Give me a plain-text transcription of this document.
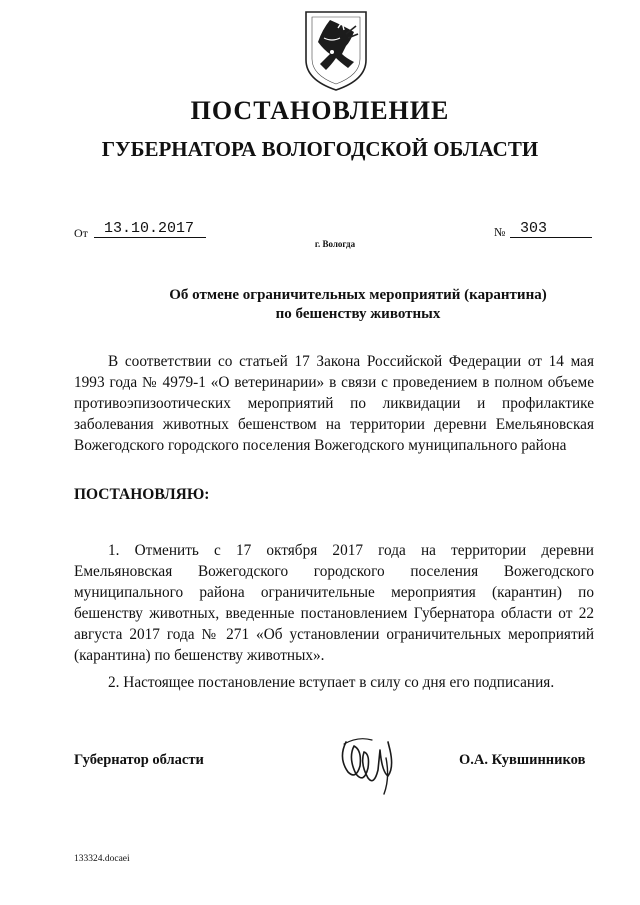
ПОСТАНОВЛЕНИЕ
ГУБЕРНАТОРА ВОЛОГОДСКОЙ ОБЛАСТИ
От	13.10.2017	№ 303
г. Вологда
Об отмене ограничительных мероприятий (карантина)
по бешенству животных
В соответствии со статьей 17 Закона Российской Федерации от 14 мая 1993 года № 4979-1 «О ветеринарии» в связи с проведением в полном объеме противоэпизоотических мероприятий по ликвидации и профилактике заболевания животных бешенством на территории деревни Емельяновская Вожегодского городского поселения Вожегодского муниципального района
ПОСТАНОВЛЯЮ:
1. Отменить с 17 октября 2017 года на территории деревни Емельяновская Вожегодского городского поселения Вожегодского муниципального района ограничительные мероприятия (карантин) по бешенству животных, введенные постановлением Губернатора области от 22 августа 2017 года № 271 «Об установлении ограничительных мероприятий (карантина) по бешенству животных».
2. Настоящее постановление вступает в силу со дня его подписания.
Губернатор области	О.А. Кувшинников
133324.docaei
